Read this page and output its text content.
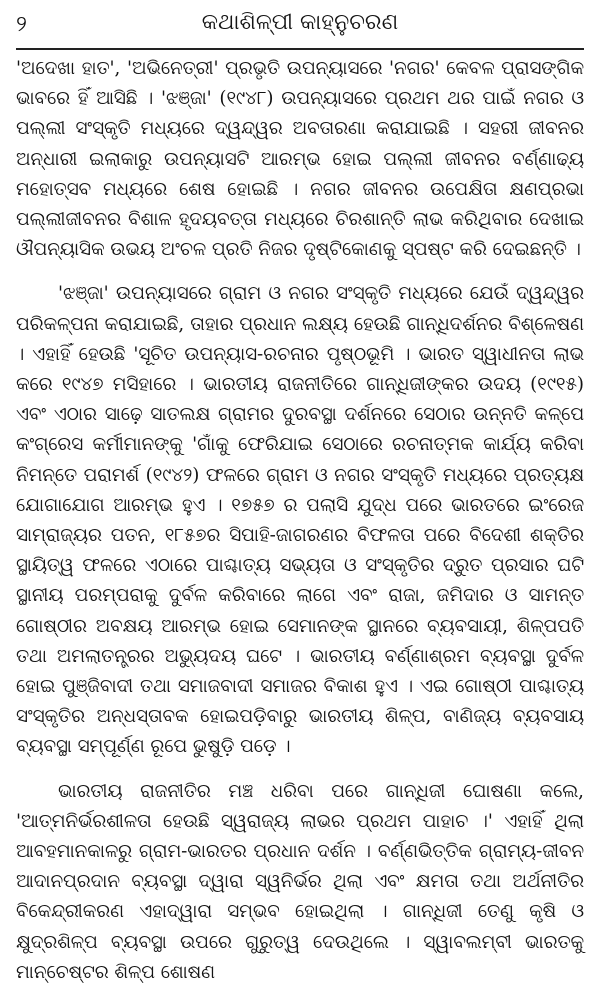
୨	କଥାଶିଳ୍ପୀ କାହ୍ନୁଚରଣ

'ଅଦେଖା ହାତ', 'ଅଭିନେତ୍ରୀ' ପ୍ରଭୃତି ଉପନ୍ୟାସରେ 'ନଗର' କେବଳ ପ୍ରାସଙ୍ଗିକ ଭାବରେ ହିଁ ଆସିଛି । 'ଝଞ୍ଜା' (୧୯୪୮) ଉପନ୍ୟାସରେ ପ୍ରଥମ ଥର ପାଇଁ ନଗର ଓ ପଲ୍ଲୀ ସଂସ୍କୃତି ମଧ୍ୟରେ ଦ୍ୱନ୍ଦ୍ୱର ଅବତାରଣା କରାଯାଇଛି । ସହରୀ ଜୀବନର ଅନ୍ଧାରୀ ଇଲାକାରୁ ଉପନ୍ୟାସଟି ଆରମ୍ଭ ହୋଇ ପଲ୍ଲୀ ଜୀବନର ବର୍ଣ୍ଣାଢ୍ୟ ମହୋତ୍ସବ ମଧ୍ୟରେ ଶେଷ ହୋଇଛି । ନଗର ଜୀବନର ଉପେକ୍ଷିତା କ୍ଷଣପ୍ରଭା ପଲ୍ଲୀଜୀବନର ବିଶାଳ ହୃଦୟବତ୍ତା ମଧ୍ୟରେ ଚିରଶାନ୍ତି ଲାଭ କରିଥିବାର ଦେଖାଇ ଔପନ୍ୟାସିକ ଉଭୟ ଅଂଚଳ ପ୍ରତି ନିଜର ଦୃଷ୍ଟିକୋଣକୁ ସ୍ପଷ୍ଟ କରି ଦେଇଛନ୍ତି ।

'ଝଞ୍ଜା' ଉପନ୍ୟାସରେ ଗ୍ରାମ ଓ ନଗର ସଂସ୍କୃତି ମଧ୍ୟରେ ଯେଉଁ ଦ୍ୱନ୍ଦ୍ୱର ପରିକଳ୍ପନା କରାଯାଇଛି, ତାହାର ପ୍ରଧାନ ଲକ୍ଷ୍ୟ ହେଉଛି ଗାନ୍ଧିଦର୍ଶନର ବିଶ୍ଳେଷଣ । ଏହାହିଁ ହେଉଛି 'ସୂଚିତ ଉପନ୍ୟାସ-ରଚନାର ପୃଷ୍ଠଭୂମି । ଭାରତ ସ୍ୱାଧୀନତା ଲାଭ କରେ ୧୯୪୭ ମସିହାରେ । ଭାରତୀୟ ରାଜନୀତିରେ ଗାନ୍ଧିଜୀଙ୍କର ଉଦୟ (୧୯୧୫) ଏବଂ ଏଠାର ସାଢ଼େ ସାତଲକ୍ଷ ଗ୍ରାମର ଦୁରବସ୍ଥା ଦର୍ଶନରେ ସେଠାର ଉନ୍ନତି କଳ୍ପେ କଂଗ୍ରେସ କର୍ମୀମାନଙ୍କୁ 'ଗାଁକୁ ଫେରିଯାଇ ସେଠାରେ ରଚନାତ୍ମକ କାର୍ଯ୍ୟ କରିବା ନିମନ୍ତେ ପରାମର୍ଶ (୧୯୪୨) ଫଳରେ ଗ୍ରାମ ଓ ନଗର ସଂସ୍କୃତି ମଧ୍ୟରେ ପ୍ରତ୍ୟକ୍ଷ ଯୋଗାଯୋଗ ଆରମ୍ଭ ହୁଏ । ୧୭୫୭ ର ପଲାସି ଯୁଦ୍ଧ ପରେ ଭାରତରେ ଇଂରେଜ ସାମ୍ରାଜ୍ୟର ପତନ, ୧୮୫୭ର ସିପାହି-ଜାଗରଣର ବିଫଳତା ପରେ ବିଦେଶୀ ଶକ୍ତିର ସ୍ଥାୟିତ୍ୱ ଫଳରେ ଏଠାରେ ପାଶ୍ଚାତ୍ୟ ସଭ୍ୟତା ଓ ସଂସ୍କୃତିର ଦ୍ରୁତ ପ୍ରସାର ଘଟି ସ୍ଥାନୀୟ ପରମ୍ପରାକୁ ଦୁର୍ବଳ କରିବାରେ ଲାଗେ ଏବଂ ରାଜା, ଜମିଦାର ଓ ସାମନ୍ତ ଗୋଷ୍ଠୀର ଅବକ୍ଷୟ ଆରମ୍ଭ ହୋଇ ସେମାନଙ୍କ ସ୍ଥାନରେ ବ୍ୟବସାୟୀ, ଶିଳ୍ପପତି ତଥା ଅମଲାତନ୍ତ୍ରର ଅଭ୍ୟୁଦୟ ଘଟେ । ଭାରତୀୟ ବର୍ଣ୍ଣାଶ୍ରମ ବ୍ୟବସ୍ଥା ଦୁର୍ବଳ ହୋଇ ପୁଞ୍ଜିବାଦୀ ତଥା ସମାଜବାଦୀ ସମାଜର ବିକାଶ ହୁଏ । ଏଇ ଗୋଷ୍ଠୀ ପାଶ୍ଚାତ୍ୟ ସଂସ୍କୃତିର ଅନ୍ଧସ୍ତାବକ ହୋଇପଡ଼ିବାରୁ ଭାରତୀୟ ଶିଳ୍ପ, ବାଣିଜ୍ୟ ବ୍ୟବସାୟ ବ୍ୟବସ୍ଥା ସମ୍ପୂର୍ଣ୍ଣ ରୂପେ ଭୁଷୁଡ଼ି ପଡ଼େ ।

ଭାରତୀୟ ରାଜନୀତିର ମଞ୍ଚ ଧରିବା ପରେ ଗାନ୍ଧିଜୀ ଘୋଷଣା କଲେ, 'ଆତ୍ମନିର୍ଭରଶୀଳତା ହେଉଛି ସ୍ୱରାଜ୍ୟ ଲାଭର ପ୍ରଥମ ପାହାଚ ।' ଏହାହିଁ ଥିଲା ଆବହମାନକାଳରୁ ଗ୍ରାମ-ଭାରତର ପ୍ରଧାନ ଦର୍ଶନ । ବର୍ଣ୍ଣଭିତ୍ତିକ ଗ୍ରାମ୍ୟ-ଜୀବନ ଆଦାନପ୍ରଦାନ ବ୍ୟବସ୍ଥା ଦ୍ୱାରା ସ୍ୱନିର୍ଭର ଥିଲା ଏବଂ କ୍ଷମତା ତଥା ଅର୍ଥନୀତିର ବିକେନ୍ଦ୍ରୀକରଣ ଏହାଦ୍ୱାରା ସମ୍ଭବ ହୋଇଥିଲା । ଗାନ୍ଧିଜୀ ତେଣୁ କୃଷି ଓ କ୍ଷୁଦ୍ରଶିଳ୍ପ ବ୍ୟବସ୍ଥା ଉପରେ ଗୁରୁତ୍ୱ ଦେଉଥିଲେ । ସ୍ୱାବଲମ୍ବୀ ଭାରତକୁ ମାନ୍‌ଚେଷ୍ଟର ଶିଳ୍ପ ଶୋଷଣ
